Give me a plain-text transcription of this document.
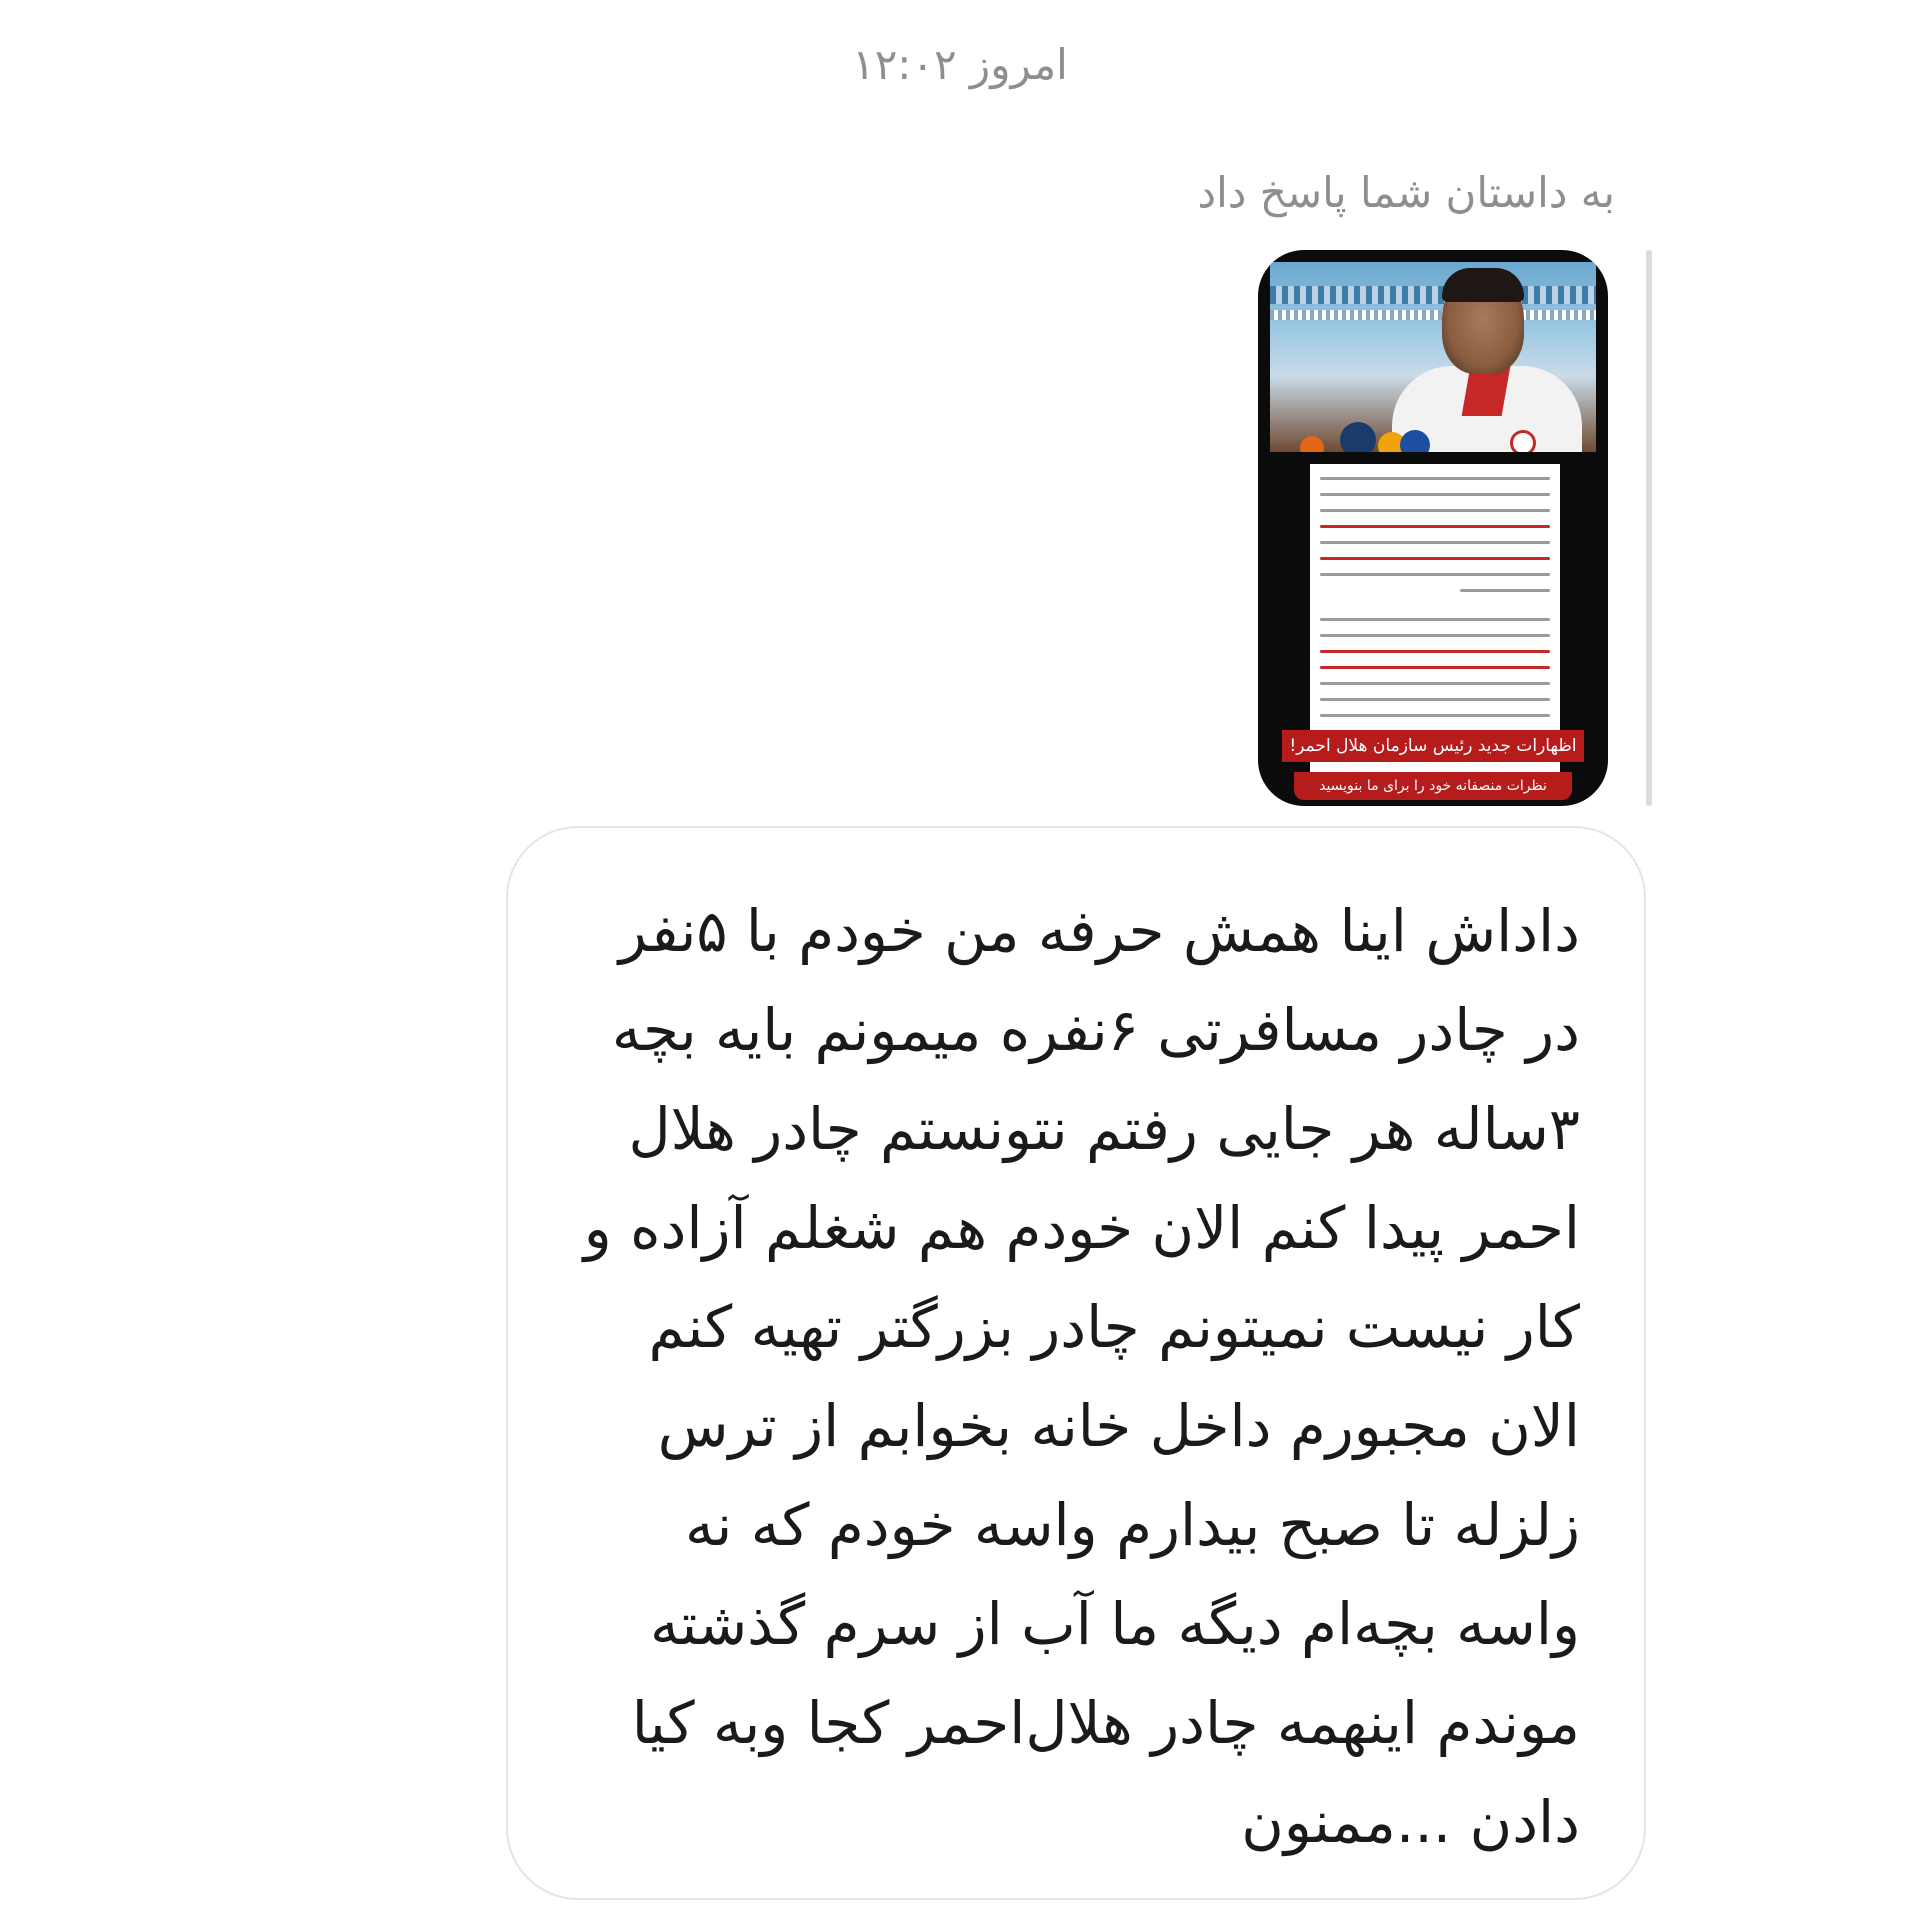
امروز ۱۲:۰۲
به داستان شما پاسخ داد
اظهارات جدید رئیس سازمان هلال احمر!
نظرات منصفانه خود را برای ما بنویسید
داداش اینا همش حرفه من خودم با ۵نفر
در چادر مسافرتی ۶نفره میمونم بایه بچه
۳ساله هر جایی رفتم نتونستم چادر هلال
احمر پیدا کنم الان خودم هم شغلم آزاده و
کار نیست نمیتونم چادر بزرگتر تهیه کنم
الان مجبورم داخل خانه بخوابم از ترس
زلزله تا صبح بیدارم واسه خودم که نه
واسه بچه‌ام دیگه ما آب از سرم گذشته
موندم اینهمه چادر هلال‌احمر کجا وبه کیا
دادن ...ممنون
